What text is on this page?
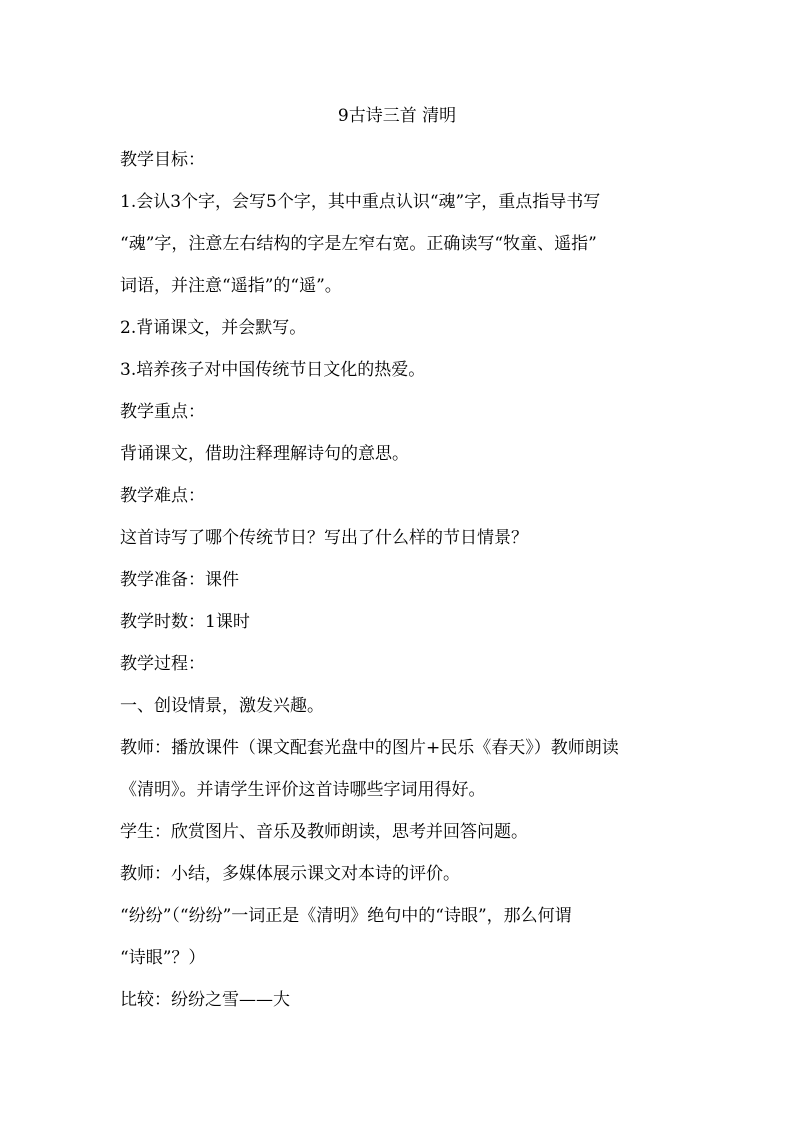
9古诗三首 清明
教学目标：
1.会认3个字，会写5个字，其中重点认识“魂”字，重点指导书写
“魂”字，注意左右结构的字是左窄右宽。正确读写“牧童、遥指”
词语，并注意“遥指”的“遥”。
2.背诵课文，并会默写。
3.培养孩子对中国传统节日文化的热爱。
教学重点：
背诵课文，借助注释理解诗句的意思。
教学难点：
这首诗写了哪个传统节日？写出了什么样的节日情景？
教学准备：课件
教学时数：1课时
教学过程：
一、创设情景，激发兴趣。
教师：播放课件（课文配套光盘中的图片+民乐《春天》）教师朗读
《清明》。并请学生评价这首诗哪些字词用得好。
学生：欣赏图片、音乐及教师朗读，思考并回答问题。
教师：小结，多媒体展示课文对本诗的评价。
“纷纷”（“纷纷”一词正是《清明》绝句中的“诗眼”，那么何谓
“诗眼”？）
比较：纷纷之雪——大
